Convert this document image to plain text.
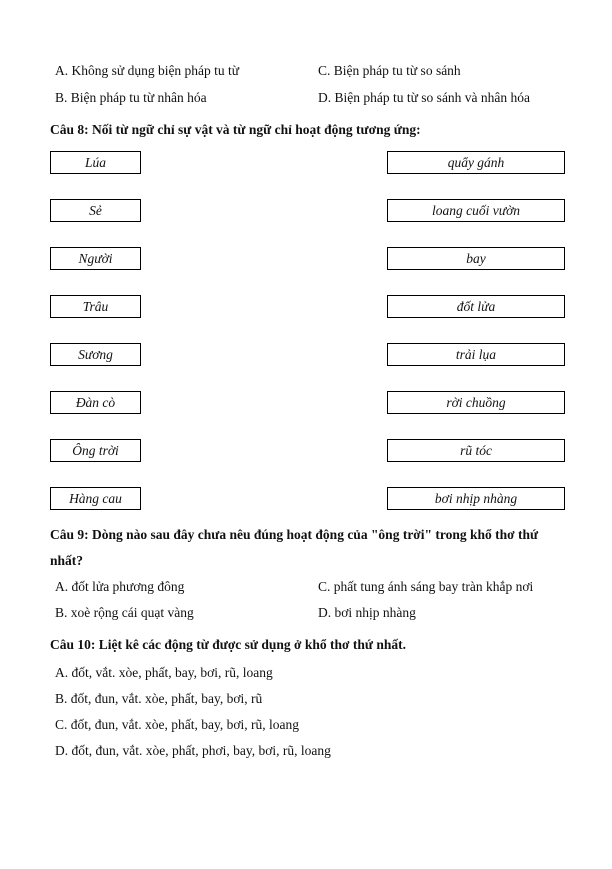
A. Không sử dụng biện pháp tu từ	C. Biện pháp tu từ so sánh
B. Biện pháp tu từ nhân hóa	D. Biện pháp tu từ so sánh và nhân hóa
Câu 8: Nối từ ngữ chỉ sự vật và từ ngữ chỉ hoạt động tương ứng:
Lúa	quẩy gánh
Sẻ	loang cuối vườn
Người	bay
Trâu	đốt lửa
Sương	trải lụa
Đàn cò	rời chuồng
Ông trời	rũ tóc
Hàng cau	bơi nhịp nhàng
Câu 9: Dòng nào sau đây chưa nêu đúng hoạt động của "ông trời" trong khổ thơ thứ nhất?
A. đốt lửa phương đông	C. phất tung ánh sáng bay tràn khắp nơi
B. xoè rộng cái quạt vàng	D. bơi nhịp nhàng
Câu 10: Liệt kê các động từ được sử dụng ở khổ thơ thứ nhất.
A. đốt, vắt. xòe, phất, bay, bơi, rũ, loang
B. đốt, đun, vắt. xòe, phất, bay, bơi, rũ
C. đốt, đun, vắt. xòe, phất, bay, bơi, rũ, loang
D. đốt, đun, vắt. xòe, phất, phơi, bay, bơi, rũ, loang
